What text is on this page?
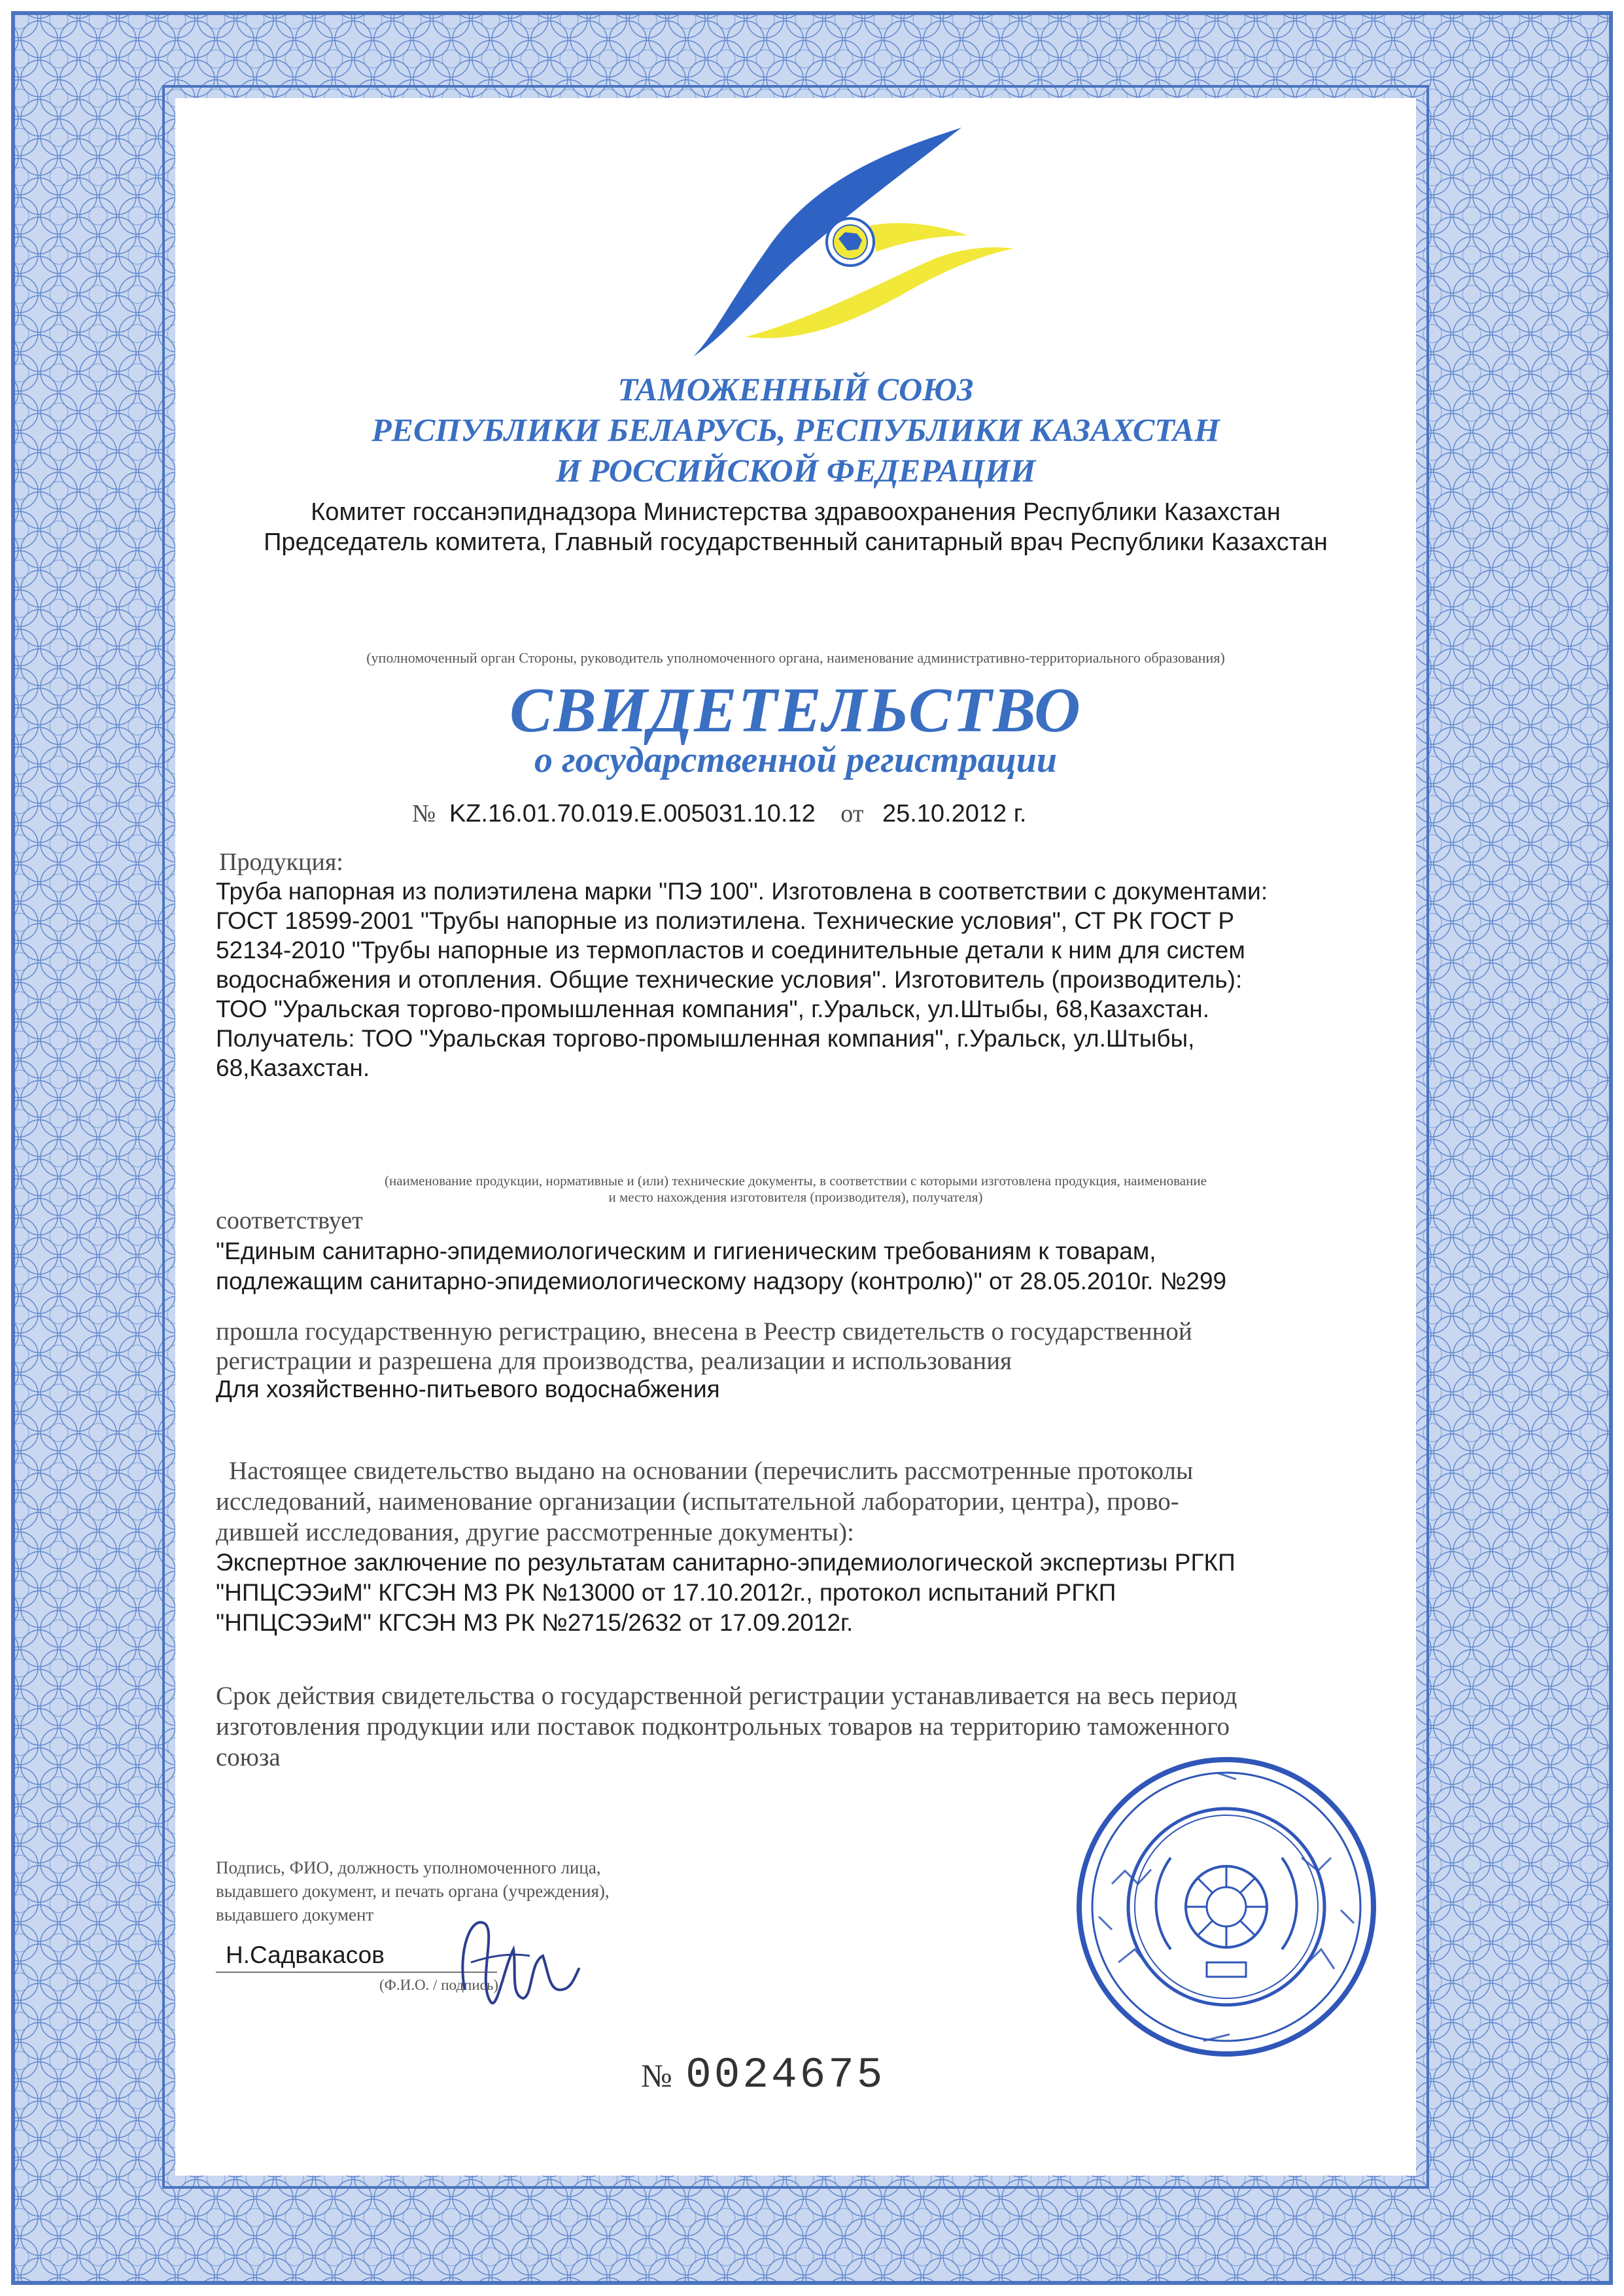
ТАМОЖЕННЫЙ СОЮЗ
РЕСПУБЛИКИ БЕЛАРУСЬ, РЕСПУБЛИКИ КАЗАХСТАН
И РОССИЙСКОЙ ФЕДЕРАЦИИ
Комитет госсанэпиднадзора Министерства здравоохранения Республики Казахстан
Председатель комитета, Главный государственный санитарный врач Республики Казахстан
(уполномоченный орган Стороны, руководитель уполномоченного органа, наименование административно-территориального образования)
СВИДЕТЕЛЬСТВО
о государственной регистрации
№ KZ.16.01.70.019.E.005031.10.12 от 25.10.2012 г.
Продукция:
Труба напорная из полиэтилена марки "ПЭ 100". Изготовлена в соответствии с документами:
ГОСТ 18599-2001 "Трубы напорные из полиэтилена. Технические условия", СТ РК ГОСТ Р
52134-2010 "Трубы напорные из термопластов и соединительные детали к ним для систем
водоснабжения и отопления. Общие технические условия". Изготовитель (производитель):
ТОО "Уральская торгово-промышленная компания", г.Уральск, ул.Штыбы, 68,Казахстан.
Получатель: ТОО "Уральская торгово-промышленная компания", г.Уральск, ул.Штыбы,
68,Казахстан.
(наименование продукции, нормативные и (или) технические документы, в соответствии с которыми изготовлена продукция, наименование
и место нахождения изготовителя (производителя), получателя)
соответствует
"Единым санитарно-эпидемиологическим и гигиеническим требованиям к товарам,
подлежащим санитарно-эпидемиологическому надзору (контролю)" от 28.05.2010г. №299
прошла государственную регистрацию, внесена в Реестр свидетельств о государственной
регистрации и разрешена для производства, реализации и использования
Для хозяйственно-питьевого водоснабжения
Настоящее свидетельство выдано на основании (перечислить рассмотренные протоколы
исследований, наименование организации (испытательной лаборатории, центра), прово-
дившей исследования, другие рассмотренные документы):
Экспертное заключение по результатам санитарно-эпидемиологической экспертизы РГКП
"НПЦСЭЭиМ" КГСЭН МЗ РК №13000 от 17.10.2012г., протокол испытаний РГКП
"НПЦСЭЭиМ" КГСЭН МЗ РК №2715/2632 от 17.09.2012г.
Срок действия свидетельства о государственной регистрации устанавливается на весь период
изготовления продукции или поставок подконтрольных товаров на территорию таможенного
союза
Подпись, ФИО, должность уполномоченного лица,
выдавшего документ, и печать органа (учреждения),
выдавшего документ
Н.Садвакасов
(Ф.И.О. / подпись)
№ 0024675
